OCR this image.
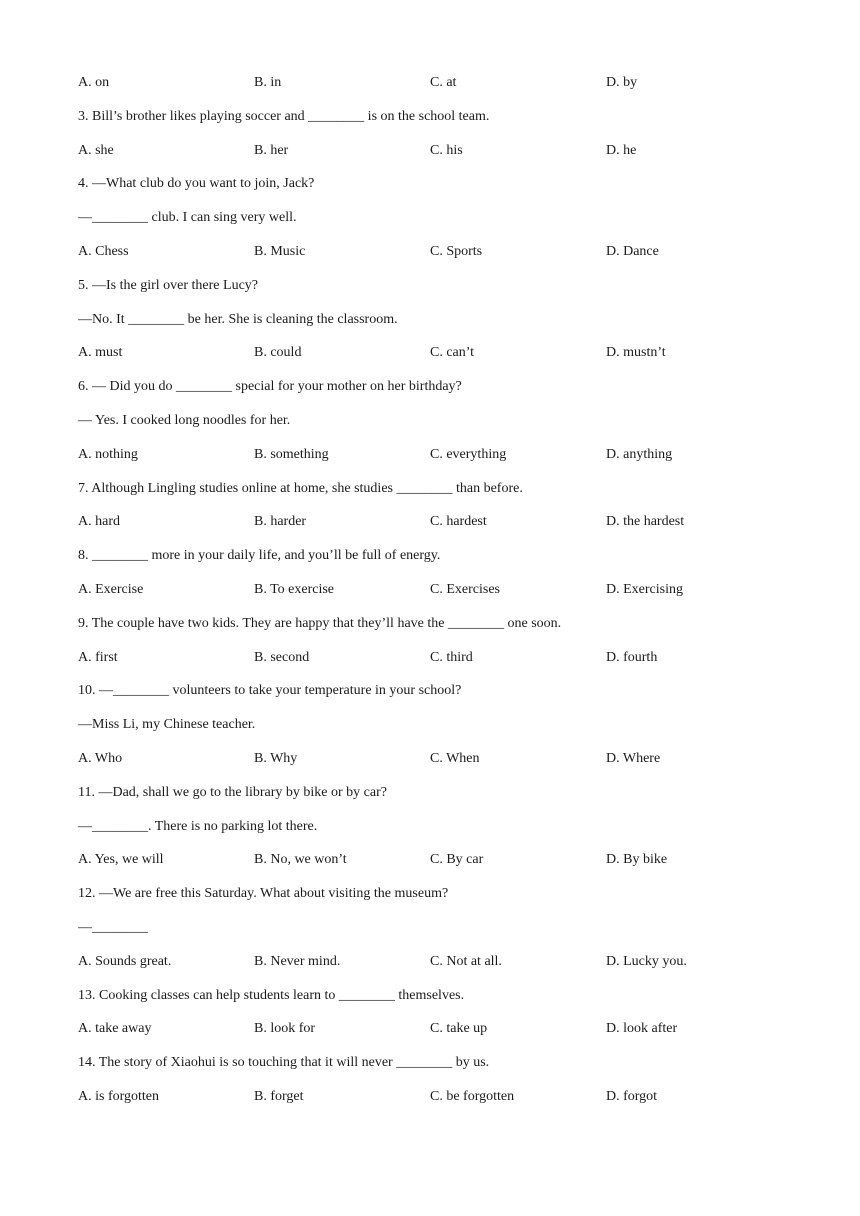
A. on	B. in	C. at	D. by
3. Bill’s brother likes playing soccer and ________ is on the school team.
A. she	B. her	C. his	D. he
4. —What club do you want to join, Jack?
—________ club. I can sing very well.
A. Chess	B. Music	C. Sports	D. Dance
5. —Is the girl over there Lucy?
—No. It ________ be her. She is cleaning the classroom.
A. must	B. could	C. can’t	D. mustn’t
6. — Did you do ________ special for your mother on her birthday?
— Yes. I cooked long noodles for her.
A. nothing	B. something	C. everything	D. anything
7. Although Lingling studies online at home, she studies ________ than before.
A. hard	B. harder	C. hardest	D. the hardest
8. ________ more in your daily life, and you’ll be full of energy.
A. Exercise	B. To exercise	C. Exercises	D. Exercising
9. The couple have two kids. They are happy that they’ll have the ________ one soon.
A. first	B. second	C. third	D. fourth
10. —________ volunteers to take your temperature in your school?
—Miss Li, my Chinese teacher.
A. Who	B. Why	C. When	D. Where
11. —Dad, shall we go to the library by bike or by car?
—________. There is no parking lot there.
A. Yes, we will	B. No, we won’t	C. By car	D. By bike
12. —We are free this Saturday. What about visiting the museum?
—________
A. Sounds great.	B. Never mind.	C. Not at all.	D. Lucky you.
13. Cooking classes can help students learn to ________ themselves.
A. take away	B. look for	C. take up	D. look after
14. The story of Xiaohui is so touching that it will never ________ by us.
A. is forgotten	B. forget	C. be forgotten	D. forgot
